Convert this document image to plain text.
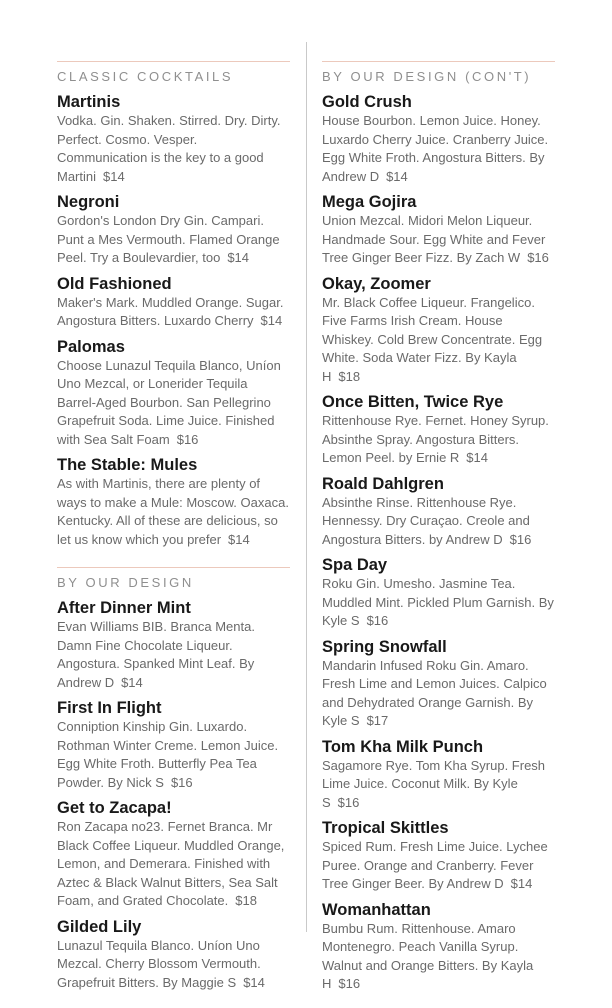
CLASSIC COCKTAILS
Martinis

Vodka. Gin. Shaken. Stirred. Dry. Dirty. Perfect. Cosmo. Vesper. Communication is the key to a good Martini $14

Negroni

Gordon's London Dry Gin. Campari. Punt a Mes Vermouth. Flamed Orange Peel. Try a Boulevardier, too $14

Old Fashioned

Maker's Mark. Muddled Orange. Sugar. Angostura Bitters. Luxardo Cherry $14

Palomas

Choose Lunazul Tequila Blanco, Uníon Uno Mezcal, or Lonerider Tequila Barrel-Aged Bourbon. San Pellegrino Grapefruit Soda. Lime Juice. Finished with Sea Salt Foam $16

The Stable: Mules

As with Martinis, there are plenty of ways to make a Mule: Moscow. Oaxaca. Kentucky. All of these are delicious, so let us know which you prefer $14

BY OUR DESIGN
After Dinner Mint

Evan Williams BIB. Branca Menta. Damn Fine Chocolate Liqueur. Angostura. Spanked Mint Leaf. By Andrew D $14

First In Flight

Conniption Kinship Gin. Luxardo. Rothman Winter Creme. Lemon Juice. Egg White Froth. Butterfly Pea Tea Powder. By Nick S $16

Get to Zacapa!

Ron Zacapa no23. Fernet Branca. Mr Black Coffee Liqueur. Muddled Orange, Lemon, and Demerara. Finished with Aztec & Black Walnut Bitters, Sea Salt Foam, and Grated Chocolate. $18

Gilded Lily

Lunazul Tequila Blanco. Uníon Uno Mezcal. Cherry Blossom Vermouth. Grapefruit Bitters. By Maggie S $14

BY OUR DESIGN (CON'T)
Gold Crush

House Bourbon. Lemon Juice. Honey. Luxardo Cherry Juice. Cranberry Juice. Egg White Froth. Angostura Bitters. By Andrew D $14

Mega Gojira

Union Mezcal. Midori Melon Liqueur. Handmade Sour. Egg White and Fever Tree Ginger Beer Fizz. By Zach W $16

Okay, Zoomer

Mr. Black Coffee Liqueur. Frangelico. Five Farms Irish Cream. House Whiskey. Cold Brew Concentrate. Egg White. Soda Water Fizz. By Kayla H $18

Once Bitten, Twice Rye

Rittenhouse Rye. Fernet. Honey Syrup. Absinthe Spray. Angostura Bitters. Lemon Peel. by Ernie R $14

Roald Dahlgren

Absinthe Rinse. Rittenhouse Rye. Hennessy. Dry Curaçao. Creole and Angostura Bitters. by Andrew D $16

Spa Day

Roku Gin. Umesho. Jasmine Tea. Muddled Mint. Pickled Plum Garnish. By Kyle S $16

Spring Snowfall

Mandarin Infused Roku Gin. Amaro. Fresh Lime and Lemon Juices. Calpico and Dehydrated Orange Garnish. By Kyle S $17

Tom Kha Milk Punch

Sagamore Rye. Tom Kha Syrup. Fresh Lime Juice. Coconut Milk. By Kyle S $16

Tropical Skittles

Spiced Rum. Fresh Lime Juice. Lychee Puree. Orange and Cranberry. Fever Tree Ginger Beer. By Andrew D $14

Womanhattan

Bumbu Rum. Rittenhouse. Amaro Montenegro. Peach Vanilla Syrup. Walnut and Orange Bitters. By Kayla H $16
